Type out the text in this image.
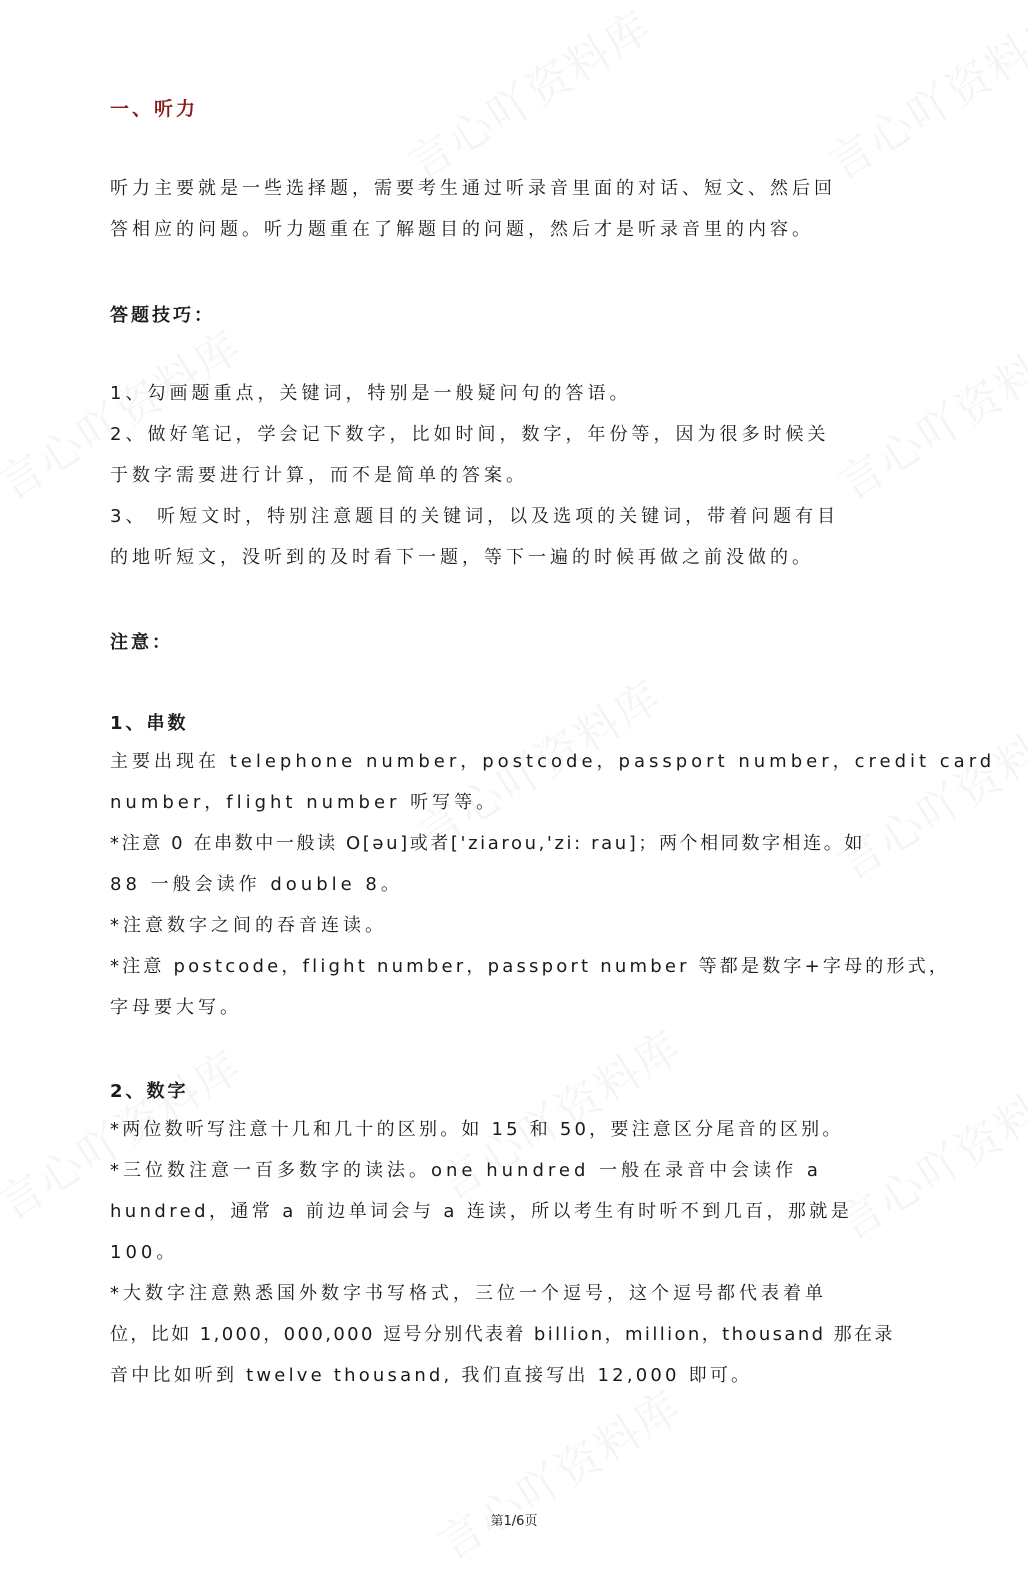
一、听力
听力主要就是一些选择题，需要考生通过听录音里面的对话、短文、然后回
答相应的问题。听力题重在了解题目的问题，然后才是听录音里的内容。
答题技巧：
1、勾画题重点，关键词，特别是一般疑问句的答语。
2、做好笔记，学会记下数字，比如时间，数字，年份等，因为很多时候关
于数字需要进行计算，而不是简单的答案。
3、 听短文时，特别注意题目的关键词，以及选项的关键词，带着问题有目
的地听短文，没听到的及时看下一题，等下一遍的时候再做之前没做的。
注意：
1、串数
主要出现在 telephone number，postcode，passport number，credit card
number，flight number 听写等。
*注意 0 在串数中一般读 O[əu]或者['ziarou,'zi: rau]；两个相同数字相连。如
88 一般会读作 double 8。
*注意数字之间的吞音连读。
*注意 postcode，flight number，passport number 等都是数字+字母的形式，
字母要大写。
2、数字
*两位数听写注意十几和几十的区别。如 15 和 50，要注意区分尾音的区别。
*三位数注意一百多数字的读法。one hundred 一般在录音中会读作 a
hundred，通常 a 前边单词会与 a 连读，所以考生有时听不到几百，那就是
100。
*大数字注意熟悉国外数字书写格式，三位一个逗号，这个逗号都代表着单
位，比如 1,000，000,000 逗号分别代表着 billion，million，thousand 那在录
音中比如听到 twelve thousand, 我们直接写出 12,000 即可。
第1/6页
